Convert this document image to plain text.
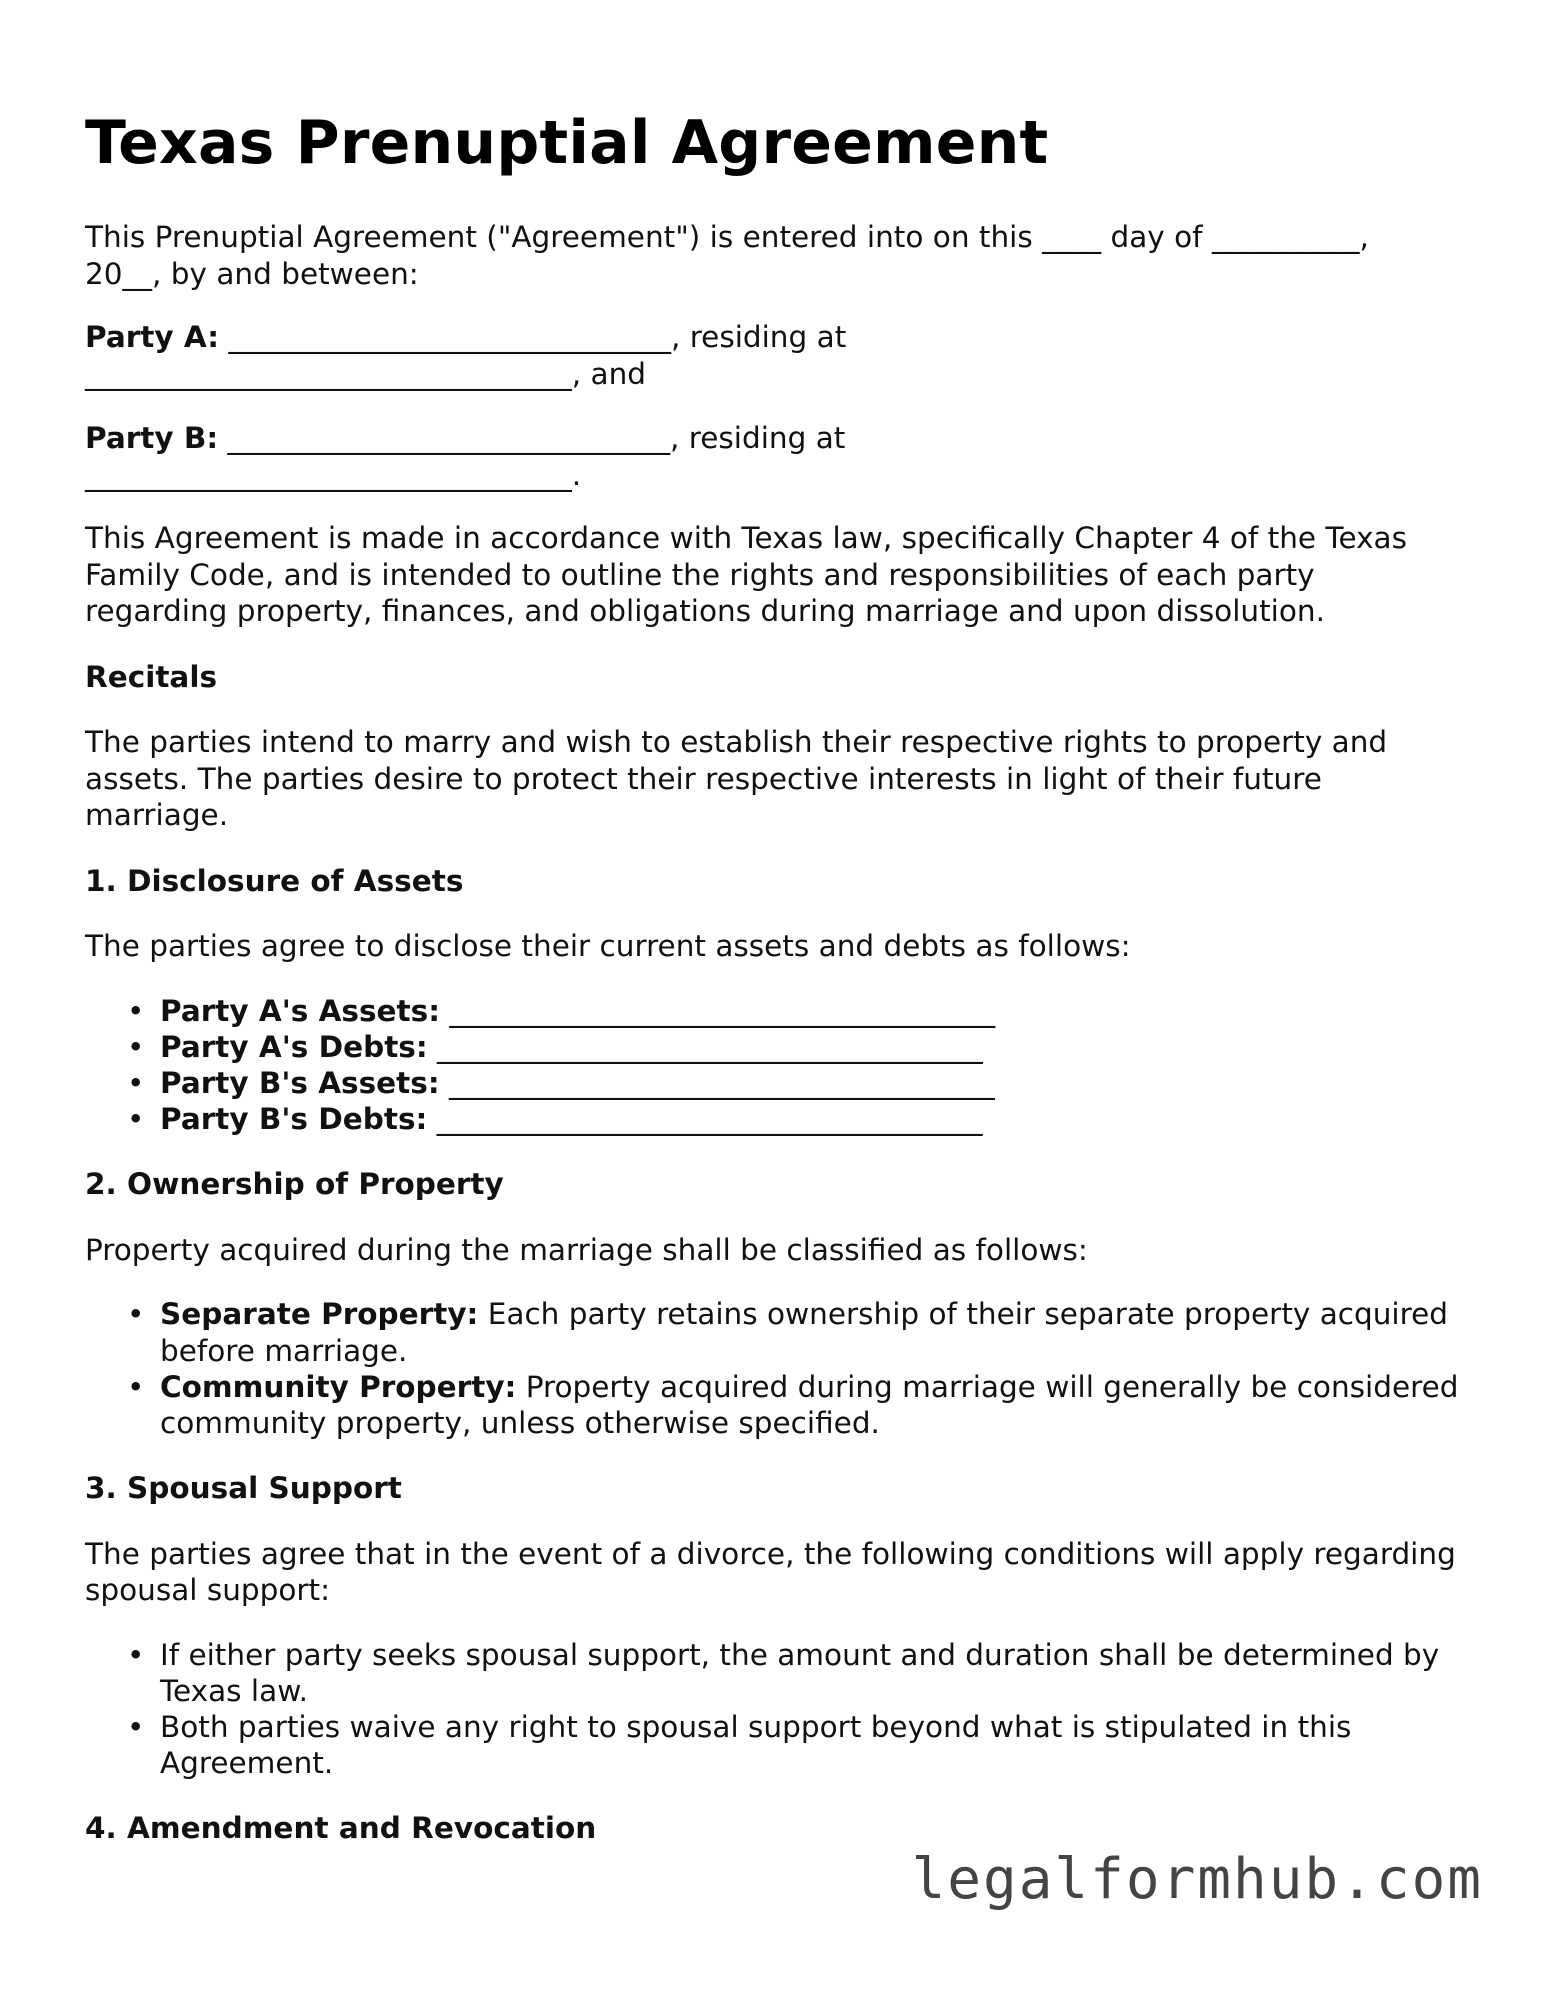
Texas Prenuptial Agreement

This Prenuptial Agreement ("Agreement") is entered into on this ____ day of __________,
20__, by and between:

Party A: ______________________________, residing at
_________________________________, and

Party B: ______________________________, residing at
_________________________________.

This Agreement is made in accordance with Texas law, specifically Chapter 4 of the Texas Family Code, and is intended to outline the rights and responsibilities of each party regarding property, finances, and obligations during marriage and upon dissolution.

Recitals

The parties intend to marry and wish to establish their respective rights to property and assets. The parties desire to protect their respective interests in light of their future marriage.

1. Disclosure of Assets

The parties agree to disclose their current assets and debts as follows:

• Party A's Assets: _____________________________________
• Party A's Debts: _____________________________________
• Party B's Assets: _____________________________________
• Party B's Debts: _____________________________________

2. Ownership of Property

Property acquired during the marriage shall be classified as follows:

• Separate Property: Each party retains ownership of their separate property acquired before marriage.
• Community Property: Property acquired during marriage will generally be considered community property, unless otherwise specified.

3. Spousal Support

The parties agree that in the event of a divorce, the following conditions will apply regarding spousal support:

• If either party seeks spousal support, the amount and duration shall be determined by Texas law.
• Both parties waive any right to spousal support beyond what is stipulated in this Agreement.

4. Amendment and Revocation

legalformhub.com
